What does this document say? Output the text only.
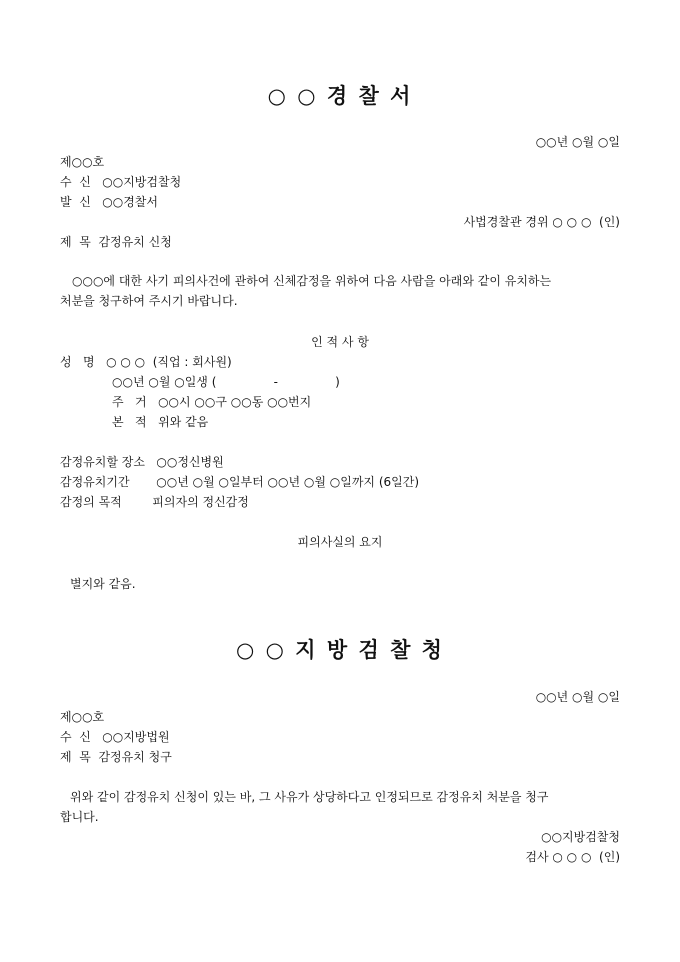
○ ○ 경 찰 서
○○년 ○월 ○일
제○○호
수  신   ○○지방검찰청
발  신   ○○경찰서
사법경찰관 경위 ○ ○ ○  (인)
제  목  감정유치 신청
○○○에 대한 사기 피의사건에 관하여 신체감정을 위하여 다음 사람을 아래와 같이 유치하는
처분을 청구하여 주시기 바랍니다.
인 적 사 항
성   명   ○ ○ ○  (직업 : 회사원)
○○년 ○월 ○일생 (               -               )
주   거   ○○시 ○○구 ○○동 ○○번지
본   적   위와 같음
감정유치할 장소   ○○정신병원
감정유치기간       ○○년 ○월 ○일부터 ○○년 ○월 ○일까지 (6일간)
감정의 목적        피의자의 정신감정
피의사실의 요지
별지와 같음.
○ ○ 지 방 검 찰 청
○○년 ○월 ○일
제○○호
수  신   ○○지방법원
제  목  감정유치 청구
위와 같이 감정유치 신청이 있는 바, 그 사유가 상당하다고 인정되므로 감정유치 처분을 청구
합니다.
○○지방검찰청
검사 ○ ○ ○  (인)
